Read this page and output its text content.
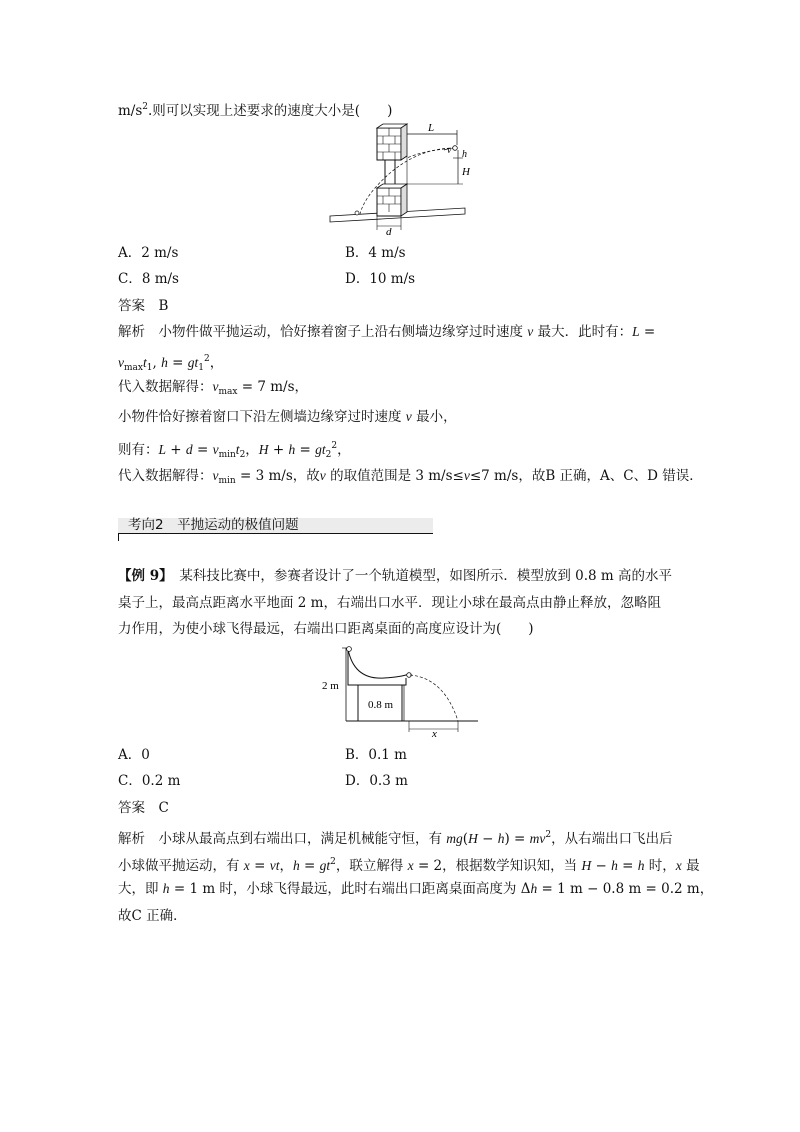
$m/s^2$.则可以实现上述要求的速度大小是(　　)
L
v h
H
d
A．2 m/s	B．4 m/s
C．8 m/s	D．10 m/s
答案　B
解析　 小物件做平抛运动，恰好擦着窗子上沿右侧墙边缘穿过时速度 v 最大．此时有：L =
$v_{max}t_1$, $h = gt_1^2$，
代入数据解得：$v_{max} = 7$ m/s，
小物件恰好擦着窗口下沿左侧墙边缘穿过时速度 v 最小，
则有：$L + d = v_{min}t_2$，$H + h = gt_2^2$，
代入数据解得：$v_{min} = 3$ m/s，故v 的取值范围是 3 m/s≤v≤7 m/s，故B 正确，A、C、D 错误．
考向2　平抛运动的极值问题
【例 9】　 某科技比赛中，参赛者设计了一个轨道模型，如图所示．模型放到 0.8 m 高的水平
桌子上，最高点距离水平地面 2 m，右端出口水平．现让小球在最高点由静止释放，忽略阻
力作用，为使小球飞得最远，右端出口距离桌面的高度应设计为(　　)
2 m
0.8 m
x
A．0	B．0.1 m
C．0.2 m	D．0.3 m
答案　C
解析　 小球从最高点到右端出口，满足机械能守恒，有 $mg(H - h) = mv^2$，从右端出口飞出后
小球做平抛运动，有 x = vt，$h = gt^2$，联立解得 x = 2，根据数学知识知，当 H − h = h 时，x 最
大，即 h = 1 m 时，小球飞得最远，此时右端出口距离桌面高度为 Δh = 1 m − 0.8 m = 0.2 m，
故C 正确．
